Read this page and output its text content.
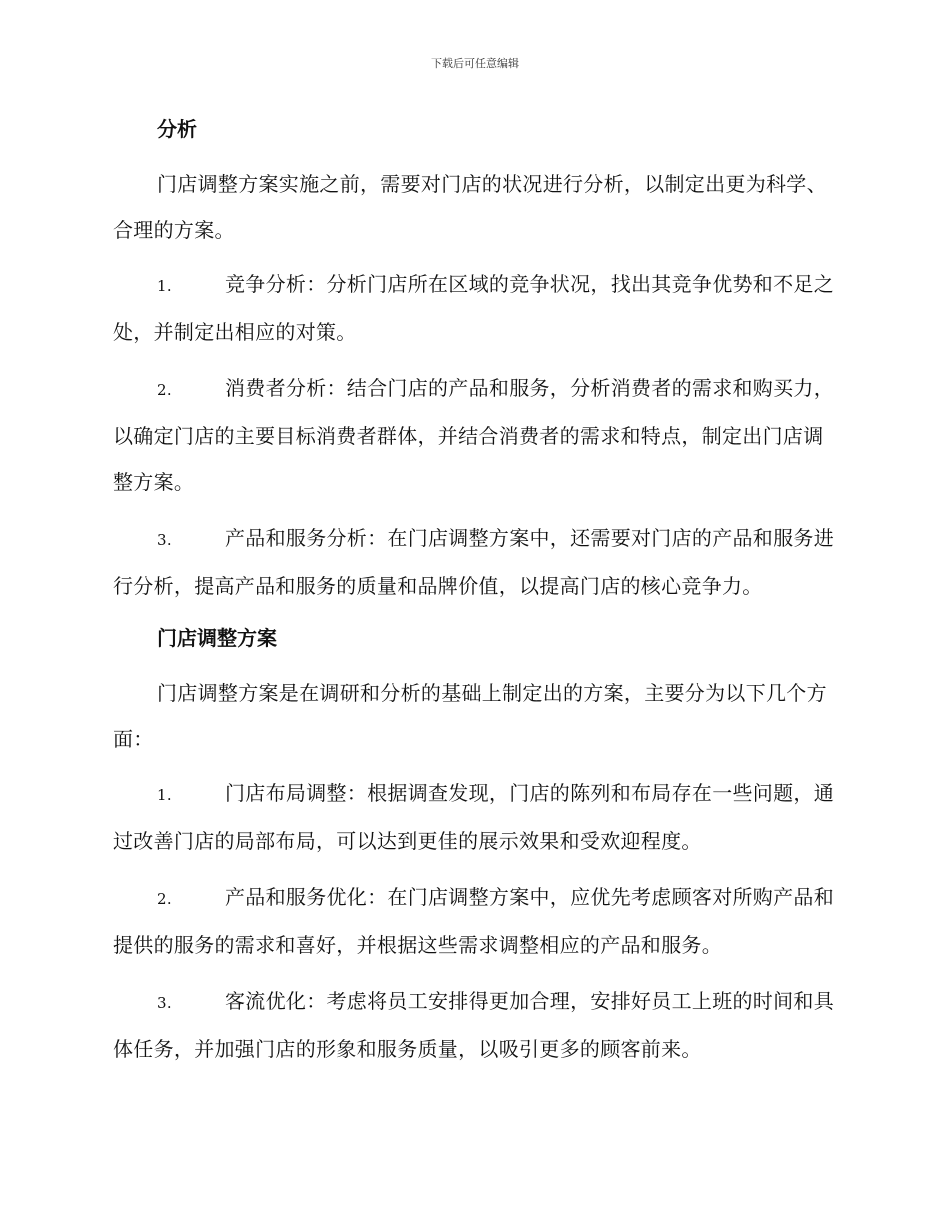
下载后可任意编辑
分析

门店调整方案实施之前，需要对门店的状况进行分析，以制定出更为科学、合理的方案。

1.	竞争分析：分析门店所在区域的竞争状况，找出其竞争优势和不足之处，并制定出相应的对策。

2.	消费者分析：结合门店的产品和服务，分析消费者的需求和购买力，以确定门店的主要目标消费者群体，并结合消费者的需求和特点，制定出门店调整方案。

3.	产品和服务分析：在门店调整方案中，还需要对门店的产品和服务进行分析，提高产品和服务的质量和品牌价值，以提高门店的核心竞争力。

门店调整方案

门店调整方案是在调研和分析的基础上制定出的方案，主要分为以下几个方面：

1.	门店布局调整：根据调查发现，门店的陈列和布局存在一些问题，通过改善门店的局部布局，可以达到更佳的展示效果和受欢迎程度。

2.	产品和服务优化：在门店调整方案中，应优先考虑顾客对所购产品和提供的服务的需求和喜好，并根据这些需求调整相应的产品和服务。

3.	客流优化：考虑将员工安排得更加合理，安排好员工上班的时间和具体任务，并加强门店的形象和服务质量，以吸引更多的顾客前来。
